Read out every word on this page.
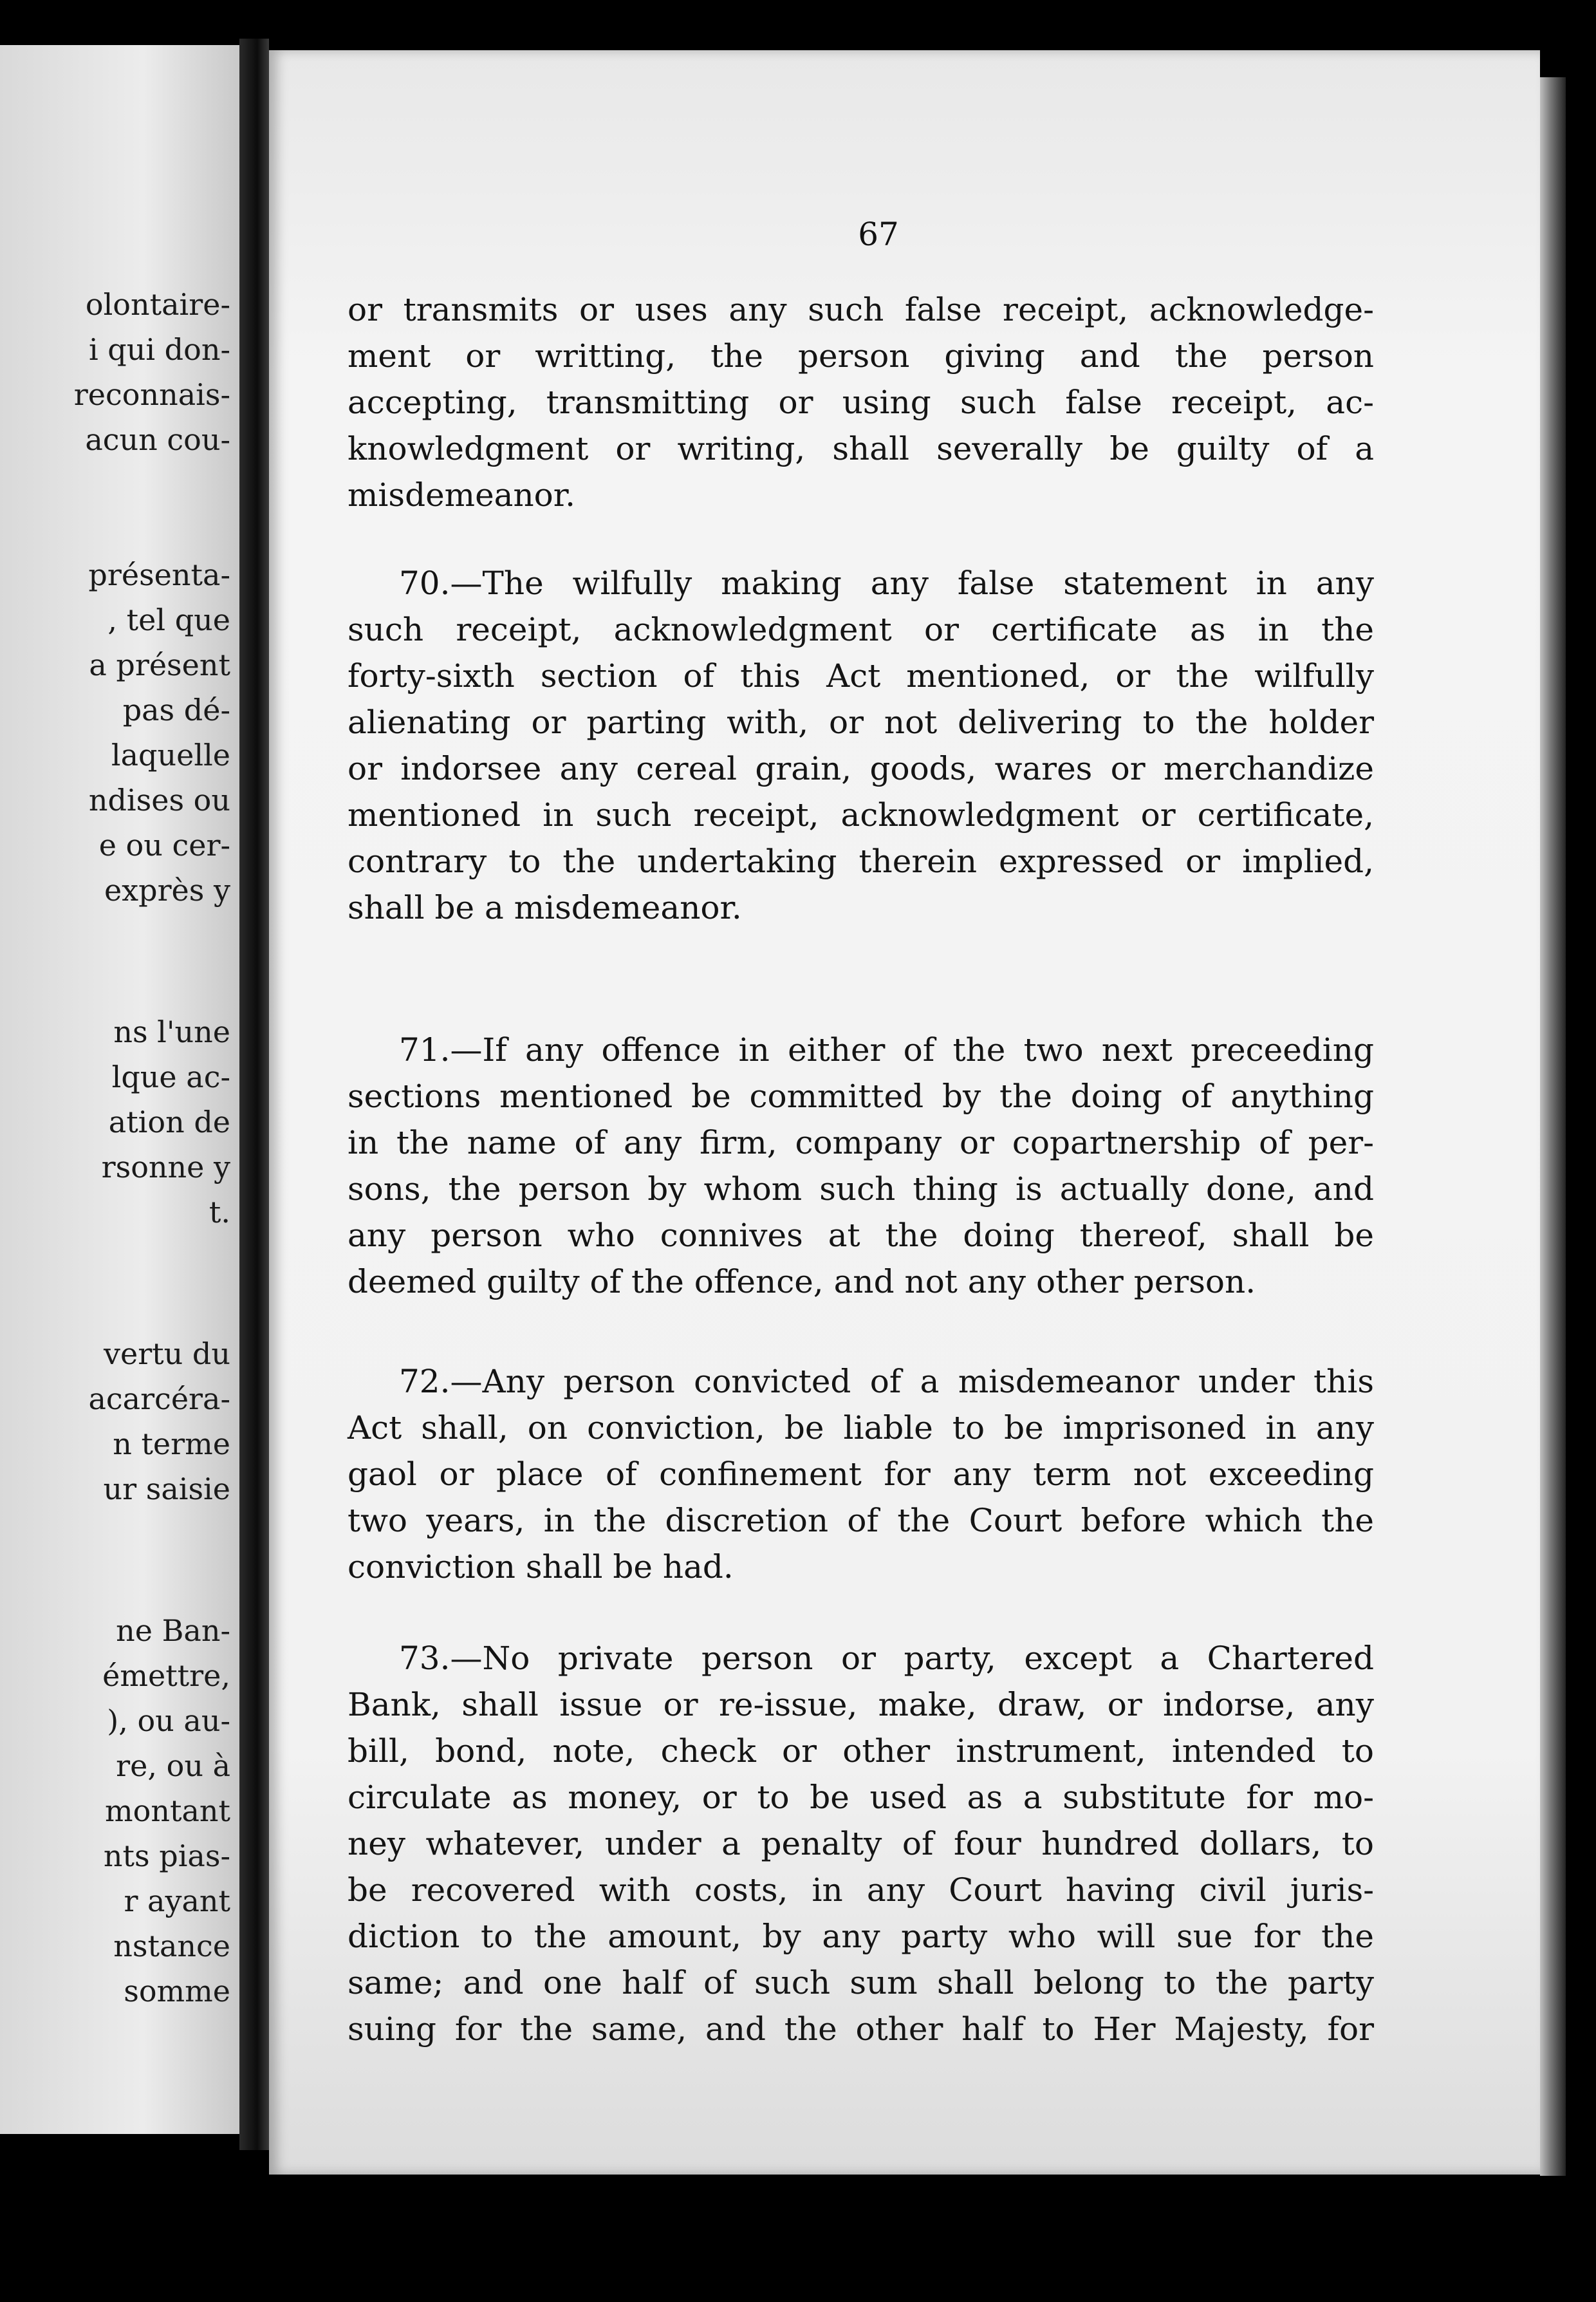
olontaire-
i qui don-
reconnais-
acun cou-
présenta-
, tel que
a présent
pas dé-
laquelle
ndises ou
e ou cer-
exprès y
ns l'une
lque ac-
ation de
rsonne y
t.
vertu du
acarcéra-
n terme
ur saisie
ne Ban-
émettre,
), ou au-
re, ou à
montant
nts pias-
r ayant
nstance
somme
67
or transmits or uses any such false receipt, acknowledge-
ment or writting, the person giving and the person
accepting, transmitting or using such false receipt, ac-
knowledgment or writing, shall severally be guilty of a
misdemeanor.
70.—The wilfully making any false statement in any
such receipt, acknowledgment or certificate as in the
forty-sixth section of this Act mentioned, or the wilfully
alienating or parting with, or not delivering to the holder
or indorsee any cereal grain, goods, wares or merchandize
mentioned in such receipt, acknowledgment or certificate,
contrary to the undertaking therein expressed or implied,
shall be a misdemeanor.
71.—If any offence in either of the two next preceeding
sections mentioned be committed by the doing of anything
in the name of any firm, company or copartnership of per-
sons, the person by whom such thing is actually done, and
any person who connives at the doing thereof, shall be
deemed guilty of the offence, and not any other person.
72.—Any person convicted of a misdemeanor under this
Act shall, on conviction, be liable to be imprisoned in any
gaol or place of confinement for any term not exceeding
two years, in the discretion of the Court before which the
conviction shall be had.
73.—No private person or party, except a Chartered
Bank, shall issue or re-issue, make, draw, or indorse, any
bill, bond, note, check or other instrument, intended to
circulate as money, or to be used as a substitute for mo-
ney whatever, under a penalty of four hundred dollars, to
be recovered with costs, in any Court having civil juris-
diction to the amount, by any party who will sue for the
same; and one half of such sum shall belong to the party
suing for the same, and the other half to Her Majesty, for
